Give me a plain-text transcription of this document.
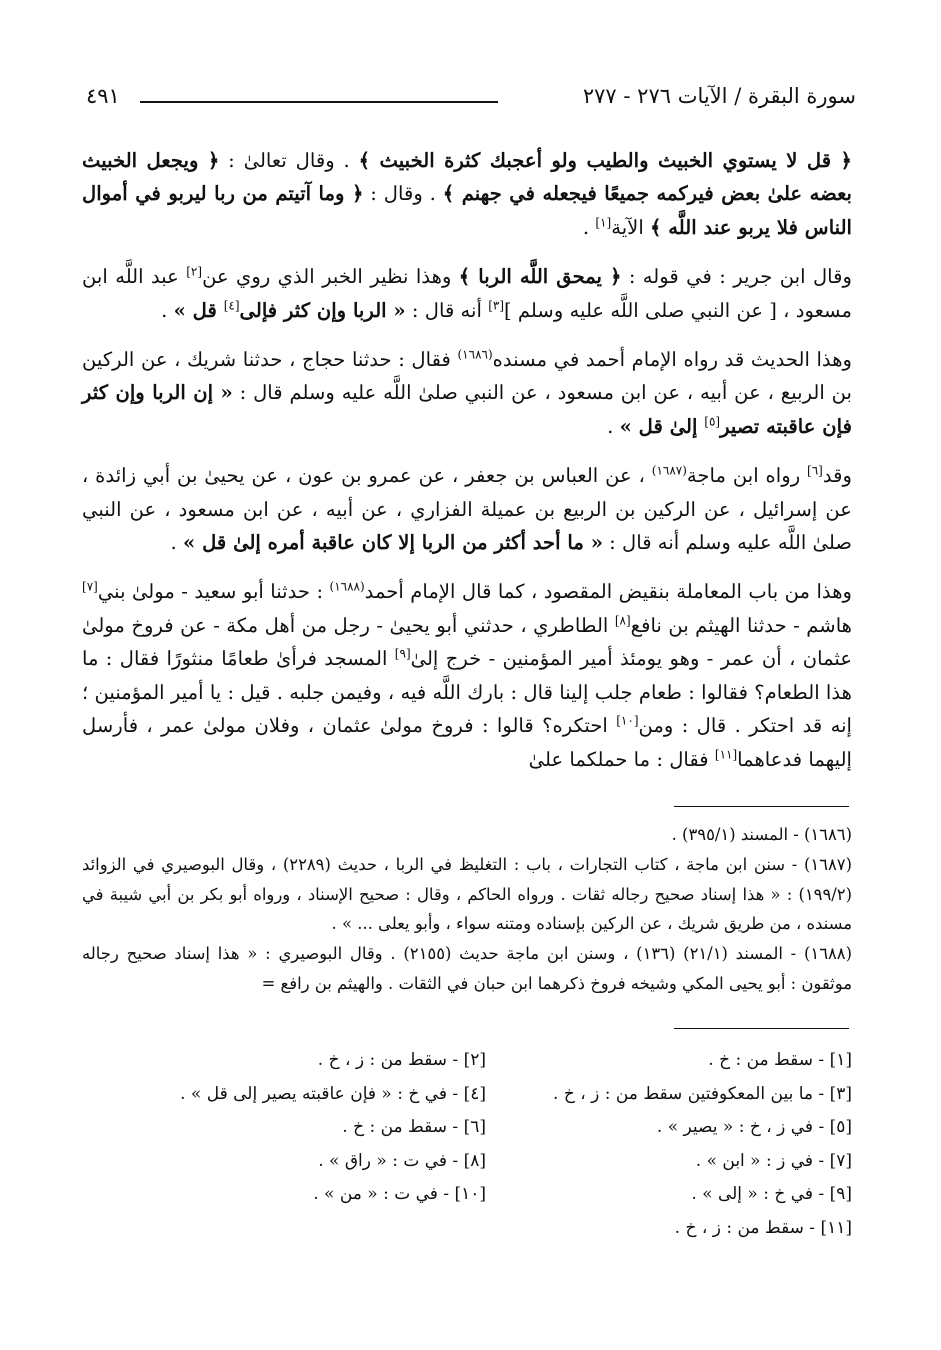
سورة البقرة / الآيات ٢٧٦ - ٢٧٧
٤٩١

﴿ قل لا يستوي الخبيث والطيب ولو أعجبك كثرة الخبيث ﴾ . وقال تعالىٰ : ﴿ ويجعل الخبيث بعضه علىٰ بعض فيركمه جميعًا فيجعله في جهنم ﴾ . وقال : ﴿ وما آتيتم من ربا ليربو في أموال الناس فلا يربو عند اللَّه ﴾ الآية[١] .

وقال ابن جرير : في قوله : ﴿ يمحق اللَّه الربا ﴾ وهذا نظير الخبر الذي روي عن[٢] عبد اللَّه ابن مسعود ، [ عن النبي صلى اللَّه عليه وسلم ][٣] أنه قال : « الربا وإن كثر فإلى[٤] قل » .

وهذا الحديث قد رواه الإمام أحمد في مسنده$^{(١٦٨٦)}$ فقال : حدثنا حجاج ، حدثنا شريك ، عن الركين بن الربيع ، عن أبيه ، عن ابن مسعود ، عن النبي صلىٰ اللَّه عليه وسلم قال : « إن الربا وإن كثر فإن عاقبته تصير[٥] إلىٰ قل » .

وقد[٦] رواه ابن ماجة$^{(١٦٨٧)}$ ، عن العباس بن جعفر ، عن عمرو بن عون ، عن يحيىٰ بن أبي زائدة ، عن إسرائيل ، عن الركين بن الربيع بن عميلة الفزاري ، عن أبيه ، عن ابن مسعود ، عن النبي صلىٰ اللَّه عليه وسلم أنه قال : « ما أحد أكثر من الربا إلا كان عاقبة أمره إلىٰ قل » .

وهذا من باب المعاملة بنقيض المقصود ، كما قال الإمام أحمد$^{(١٦٨٨)}$ : حدثنا أبو سعيد - مولىٰ بني[٧] هاشم - حدثنا الهيثم بن نافع[٨] الطاطري ، حدثني أبو يحيىٰ - رجل من أهل مكة - عن فروخ مولىٰ عثمان ، أن عمر - وهو يومئذ أمير المؤمنين - خرج إلىٰ[٩] المسجد فرأىٰ طعامًا منثورًا فقال : ما هذا الطعام؟ فقالوا : طعام جلب إلينا قال : بارك اللَّه فيه ، وفيمن جلبه . قيل : يا أمير المؤمنين ؛ إنه قد احتكر . قال : ومن[١٠] احتكره؟ قالوا : فروخ مولىٰ عثمان ، وفلان مولىٰ عمر ، فأرسل إليهما فدعاهما[١١] فقال : ما حملكما علىٰ

(١٦٨٦) - المسند (٣٩٥/١) .

(١٦٨٧) - سنن ابن ماجة ، كتاب التجارات ، باب : التغليظ في الربا ، حديث (٢٢٨٩) ، وقال البوصيري في الزوائد (١٩٩/٢) : « هذا إسناد صحيح رجاله ثقات . ورواه الحاكم ، وقال : صحيح الإسناد ، ورواه أبو بكر بن أبي شيبة في مسنده ، من طريق شريك ، عن الركين بإسناده ومتنه سواء ، وأبو يعلى ... » .

(١٦٨٨) - المسند (٢١/١) (١٣٦) ، وسنن ابن ماجة حديث (٢١٥٥) . وقال البوصيري : « هذا إسناد صحيح رجاله موثقون : أبو يحيى المكي وشيخه فروخ ذكرهما ابن حبان في الثقات . والهيثم بن رافع =

[١] - سقط من : خ .
[٣] - ما بين المعكوفتين سقط من : ز ، خ .
[٥] - في ز ، خ : « يصير » .
[٧] - في ز : « ابن » .
[٩] - في خ : « إلى » .
[١١] - سقط من : ز ، خ .
[٢] - سقط من : ز ، خ .
[٤] - في خ : « فإن عاقبته يصير إلى قل » .
[٦] - سقط من : خ .
[٨] - في ت : « راق » .
[١٠] - في ت : « من » .
